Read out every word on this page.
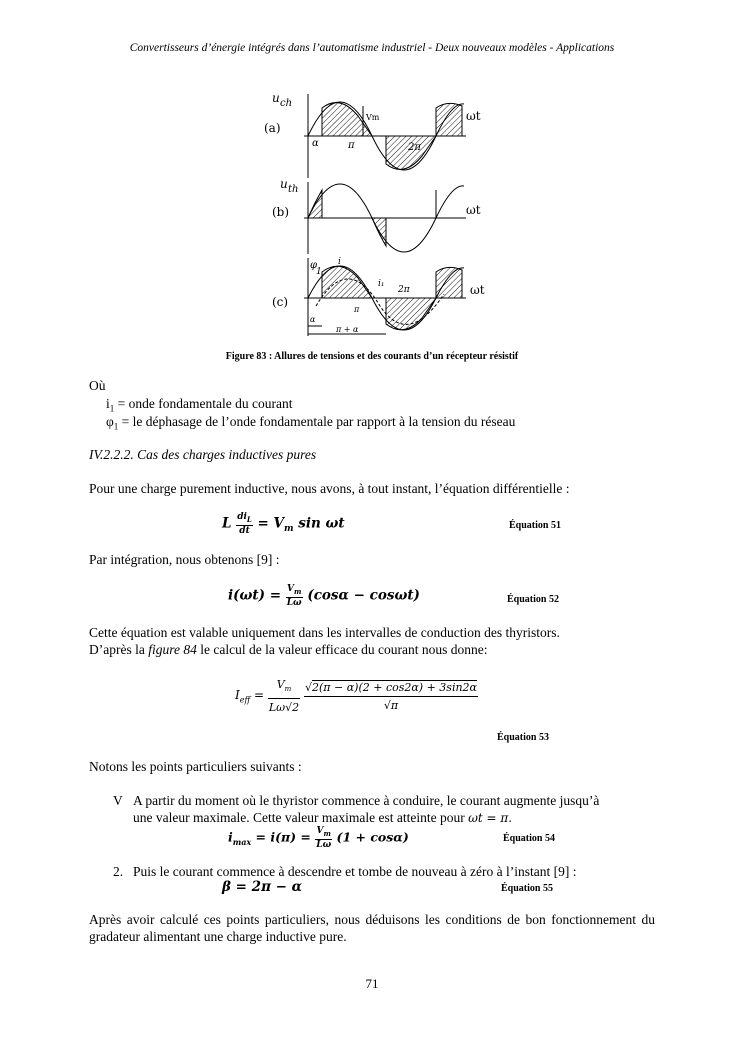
Convertisseurs d’énergie intégrés dans l’automatisme industriel - Deux nouveaux modèles - Applications
u ch
(a)
u th
(b)
(c)
ωt
ωt
ωt
Vm
α	π	2π
φ
1
i
i₁
2π
π
α
π + α
Figure 83 : Allures de tensions et des courants d’un récepteur résistif
Où
$i_1$ = onde fondamentale du courant
$\varphi_1$ = le déphasage de l’onde fondamentale par rapport à la tension du réseau
IV.2.2.2. Cas des charges inductives pures
Pour une charge purement inductive, nous avons, à tout instant, l’équation différentielle :
L $\frac{di_L}{dt} = V_m$ sin ωt	Équation 51
Par intégration, nous obtenons [9] :
$i(\omega t) = \frac{V_m}{L\omega} (\cos\alpha - \cos\omega t)$	Équation 52
Cette équation est valable uniquement dans les intervalles de conduction des thyristors.
D’après la figure 84 le calcul de la valeur efficace du courant nous donne:
$I_{eff} = \frac{V_m}{L\omega√2}$
$\frac{√2(\pi - \alpha)(2 + \cos 2\alpha) + 3\sin 2\alpha}{√\pi}$
Équation 53
Notons les points particuliers suivants :
V A partir du moment où le thyristor commence à conduire, le courant augmente jusqu’à
une valeur maximale. Cette valeur maximale est atteinte pour ωt = π.
$i_{max} = i(\pi) = \frac{V_m}{L\omega} (1 + \cos\alpha)$	Équation 54
2. Puis le courant commence à descendre et tombe de nouveau à zéro à l’instant [9] :
β = 2π − α	Équation 55
Après avoir calculé ces points particuliers, nous déduisons les conditions de bon fonctionnement du gradateur alimentant une charge inductive pure.
71
